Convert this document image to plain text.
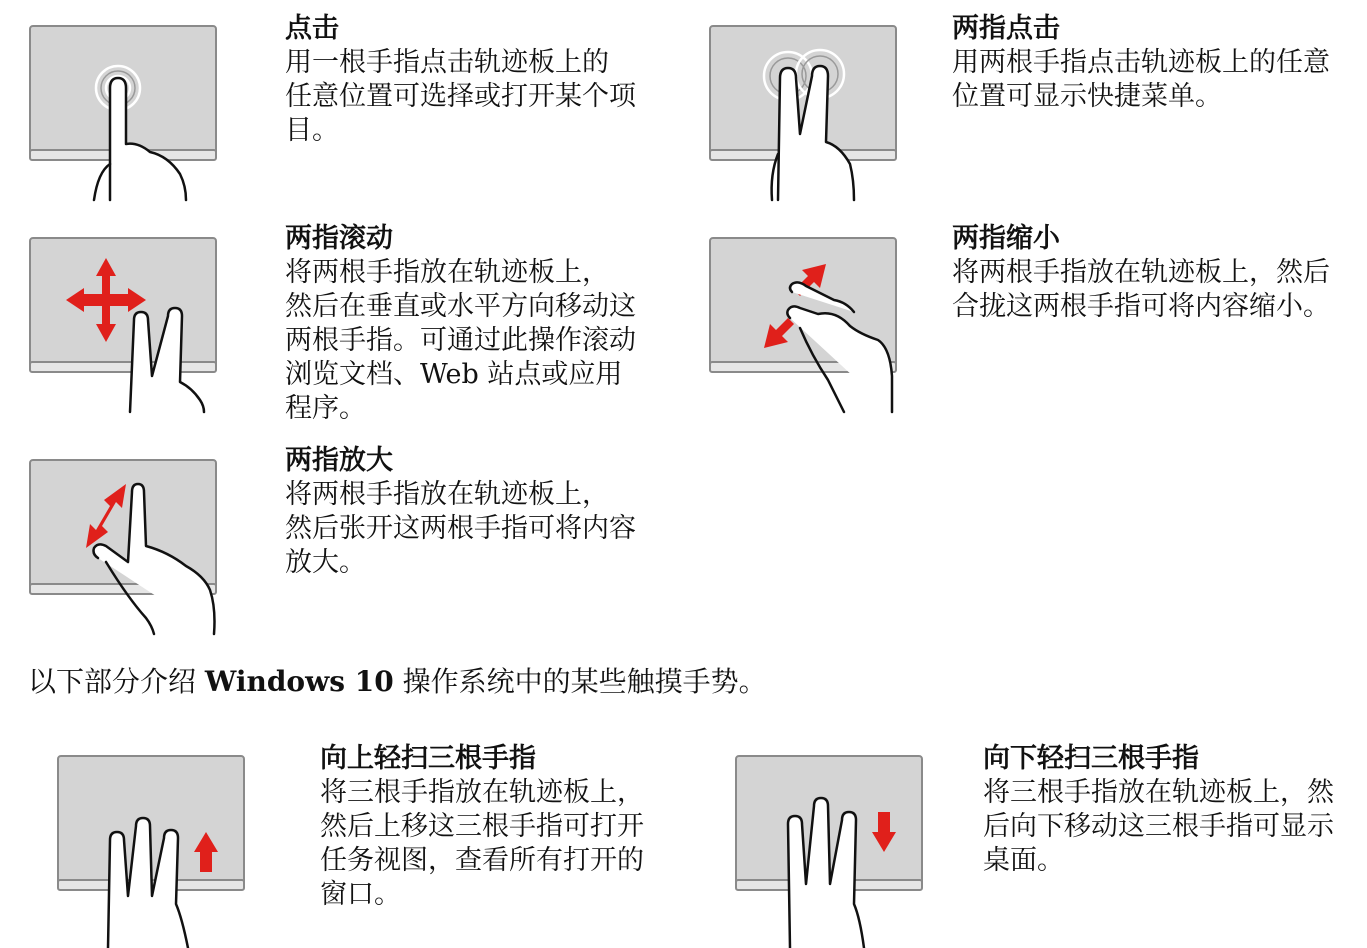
点击
用一根手指点击轨迹板上的
任意位置可选择或打开某个项
目。
两指点击
用两根手指点击轨迹板上的任意
位置可显示快捷菜单。
两指滚动
将两根手指放在轨迹板上，
然后在垂直或水平方向移动这
两根手指。可通过此操作滚动
浏览文档、Web 站点或应用
程序。
两指缩小
将两根手指放在轨迹板上，然后
合拢这两根手指可将内容缩小。
两指放大
将两根手指放在轨迹板上，
然后张开这两根手指可将内容
放大。
以下部分介绍 Windows 10 操作系统中的某些触摸手势。
向上轻扫三根手指
将三根手指放在轨迹板上，
然后上移这三根手指可打开
任务视图，查看所有打开的
窗口。
向下轻扫三根手指
将三根手指放在轨迹板上，然
后向下移动这三根手指可显示
桌面。
